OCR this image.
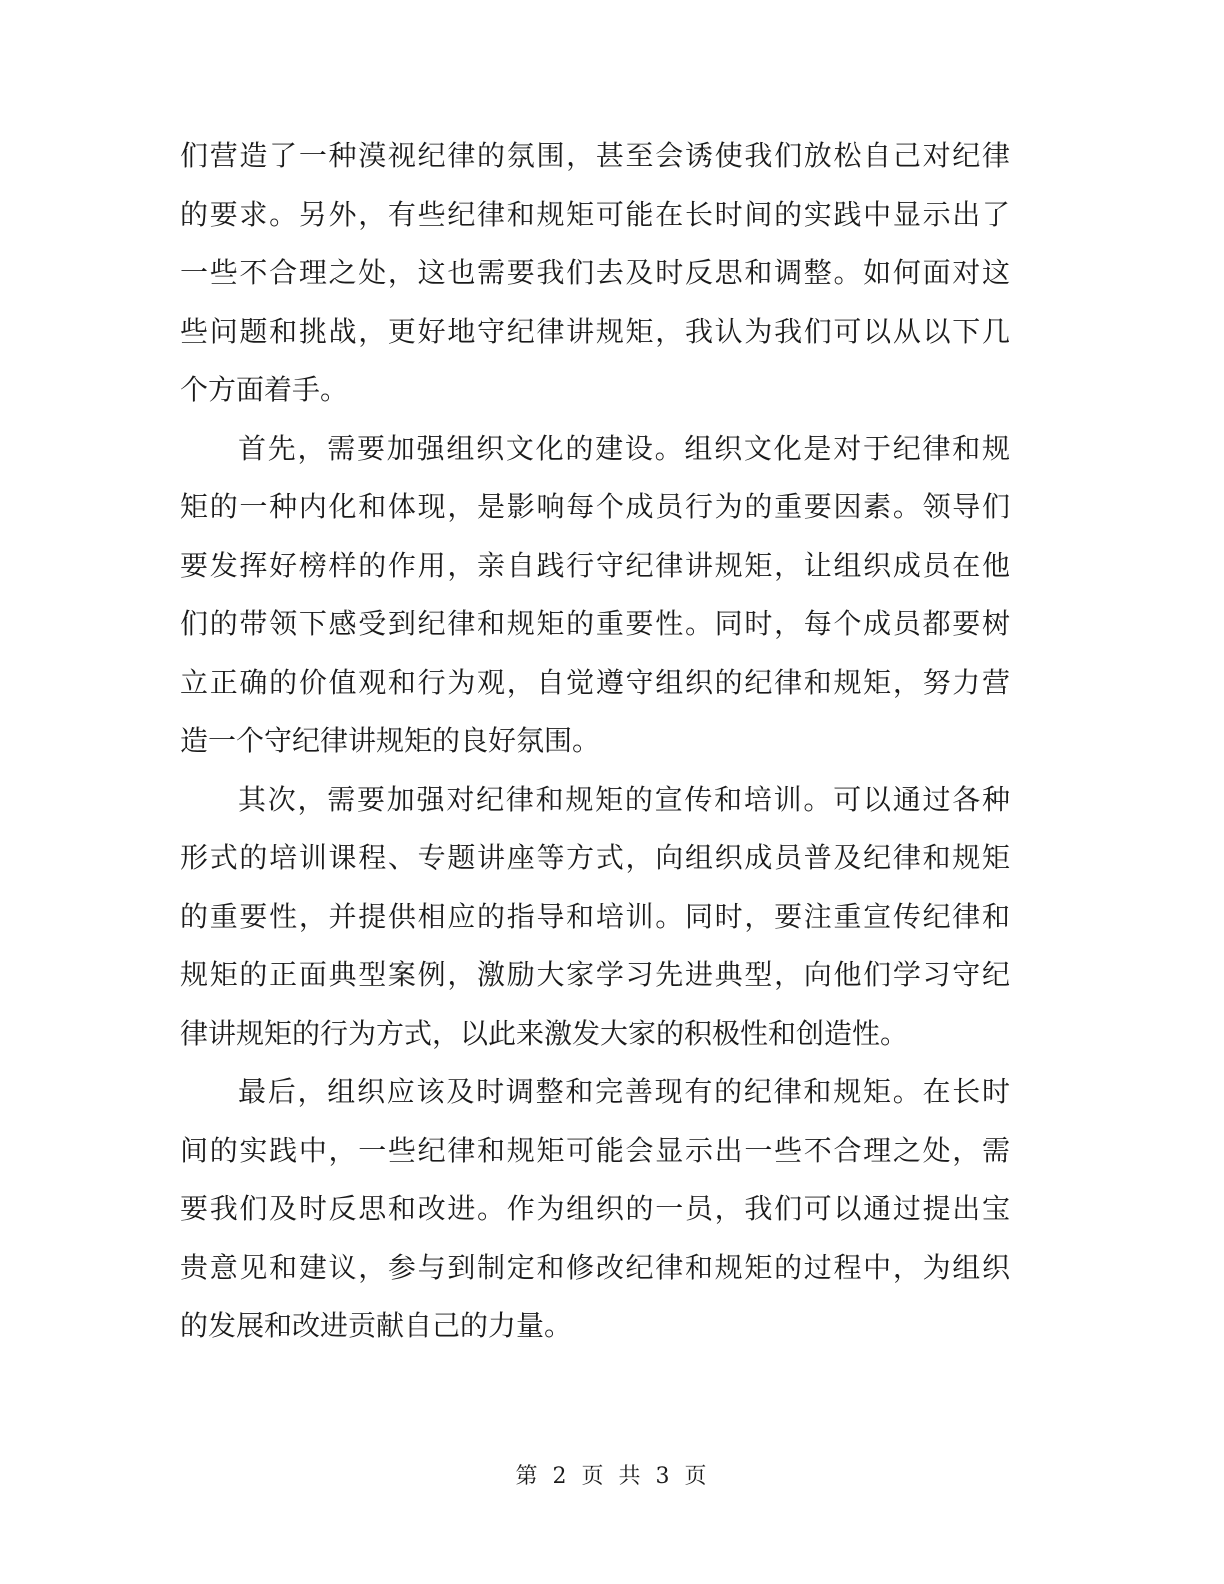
们营造了一种漠视纪律的氛围，甚至会诱使我们放松自己对纪律
的要求。另外，有些纪律和规矩可能在长时间的实践中显示出了
一些不合理之处，这也需要我们去及时反思和调整。如何面对这
些问题和挑战，更好地守纪律讲规矩，我认为我们可以从以下几
个方面着手。
首先，需要加强组织文化的建设。组织文化是对于纪律和规
矩的一种内化和体现，是影响每个成员行为的重要因素。领导们
要发挥好榜样的作用，亲自践行守纪律讲规矩，让组织成员在他
们的带领下感受到纪律和规矩的重要性。同时，每个成员都要树
立正确的价值观和行为观，自觉遵守组织的纪律和规矩，努力营
造一个守纪律讲规矩的良好氛围。
其次，需要加强对纪律和规矩的宣传和培训。可以通过各种
形式的培训课程、专题讲座等方式，向组织成员普及纪律和规矩
的重要性，并提供相应的指导和培训。同时，要注重宣传纪律和
规矩的正面典型案例，激励大家学习先进典型，向他们学习守纪
律讲规矩的行为方式，以此来激发大家的积极性和创造性。
最后，组织应该及时调整和完善现有的纪律和规矩。在长时
间的实践中，一些纪律和规矩可能会显示出一些不合理之处，需
要我们及时反思和改进。作为组织的一员，我们可以通过提出宝
贵意见和建议，参与到制定和修改纪律和规矩的过程中，为组织
的发展和改进贡献自己的力量。
第 2 页 共 3 页
